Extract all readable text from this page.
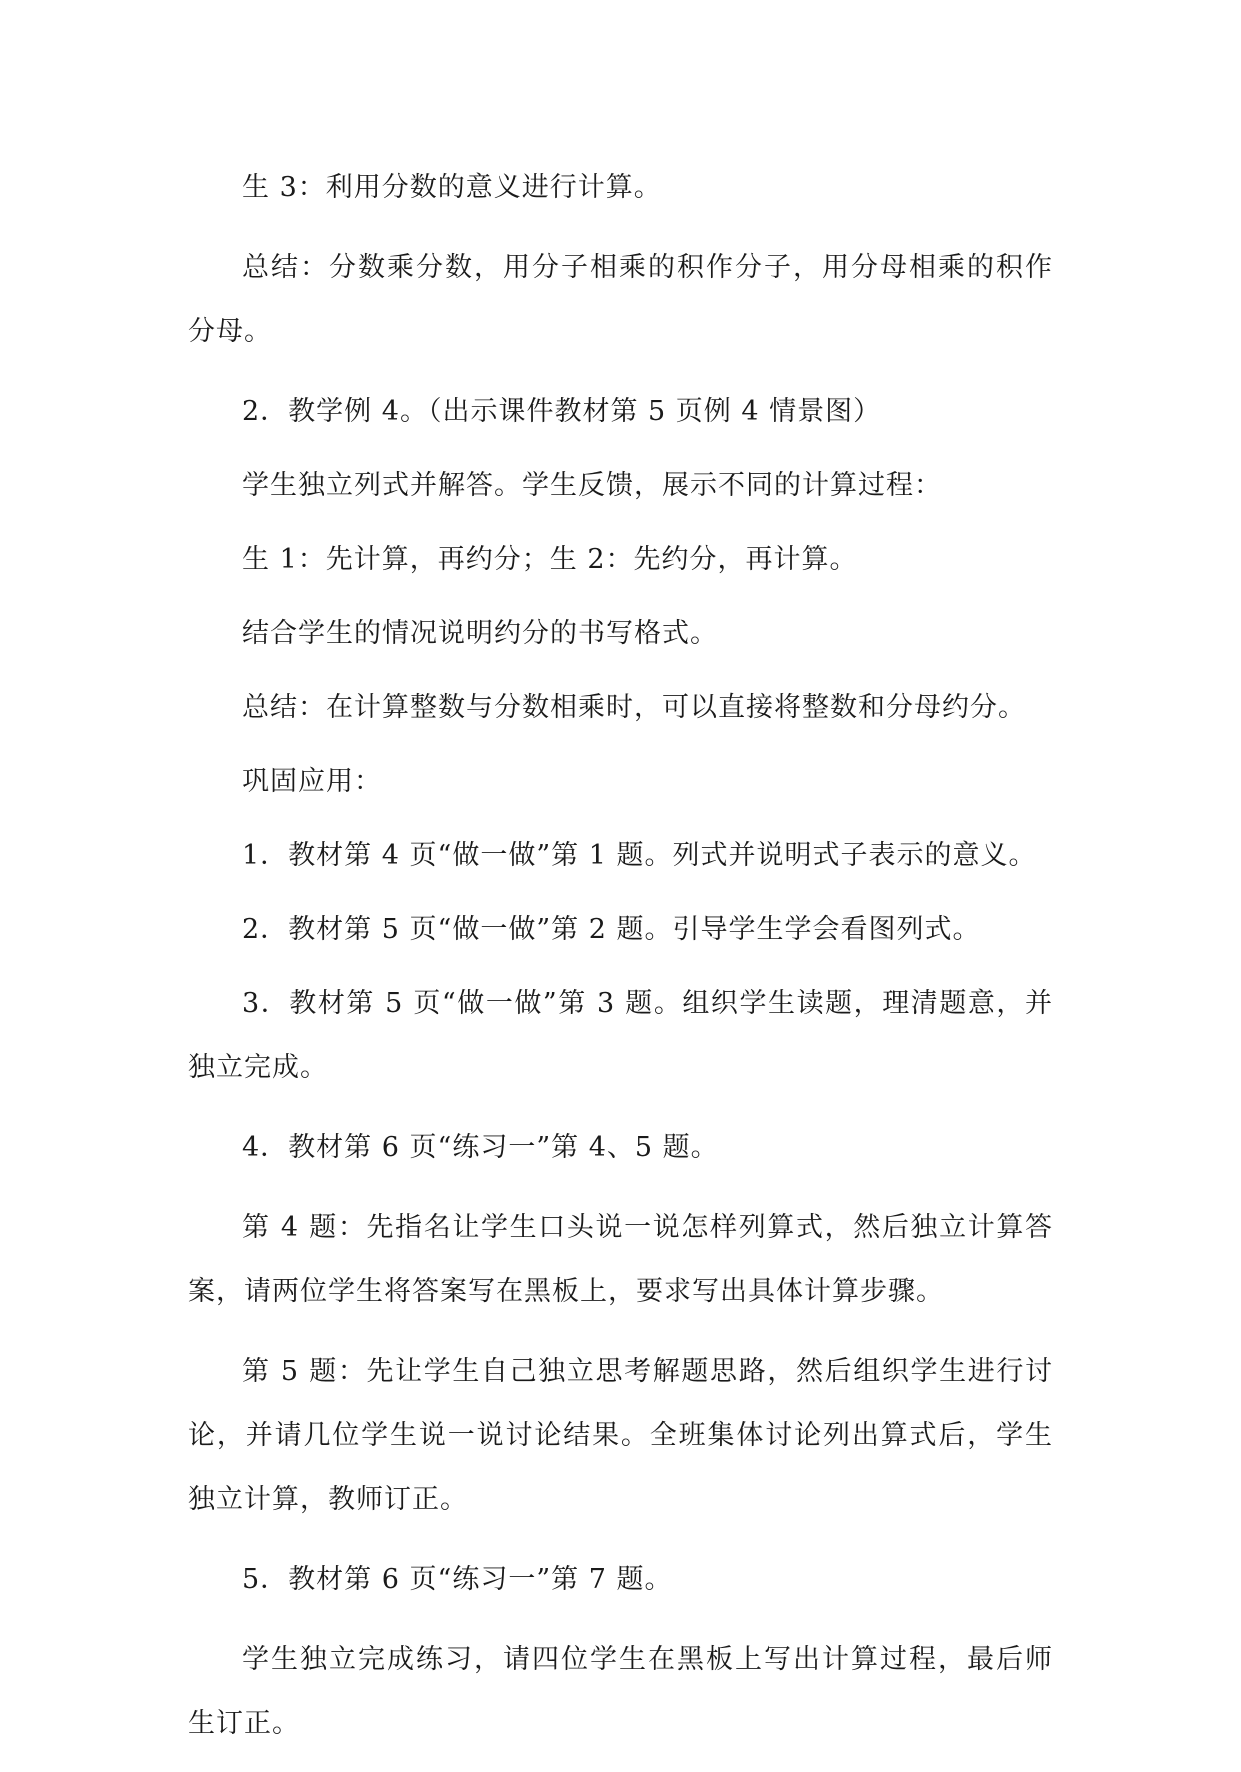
生 3：利用分数的意义进行计算。

总结：分数乘分数，用分子相乘的积作分子，用分母相乘的积作分母。

2．教学例 4。（出示课件教材第 5 页例 4 情景图）

学生独立列式并解答。学生反馈，展示不同的计算过程：

生 1：先计算，再约分；生 2：先约分，再计算。

结合学生的情况说明约分的书写格式。

总结：在计算整数与分数相乘时，可以直接将整数和分母约分。

巩固应用：

1．教材第 4 页“做一做”第 1 题。列式并说明式子表示的意义。

2．教材第 5 页“做一做”第 2 题。引导学生学会看图列式。

3．教材第 5 页“做一做”第 3 题。组织学生读题，理清题意，并独立完成。

4．教材第 6 页“练习一”第 4、5 题。

第 4 题：先指名让学生口头说一说怎样列算式，然后独立计算答案，请两位学生将答案写在黑板上，要求写出具体计算步骤。

第 5 题：先让学生自己独立思考解题思路，然后组织学生进行讨论，并请几位学生说一说讨论结果。全班集体讨论列出算式后，学生独立计算，教师订正。

5．教材第 6 页“练习一”第 7 题。

学生独立完成练习，请四位学生在黑板上写出计算过程，最后师生订正。
